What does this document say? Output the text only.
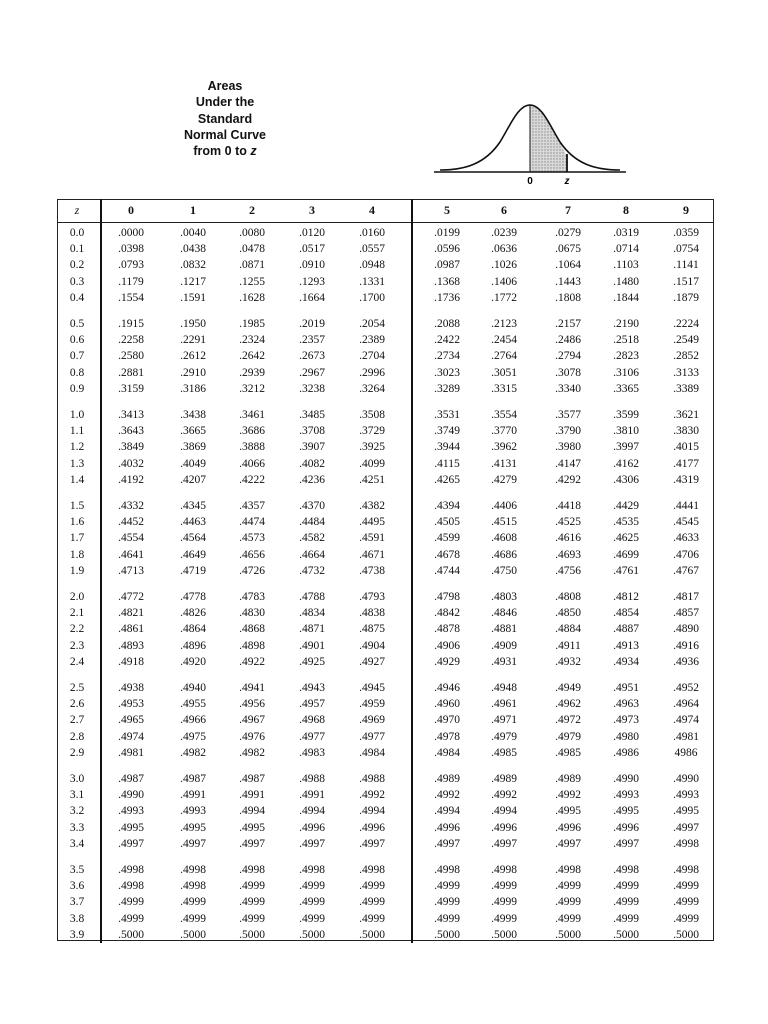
Areas
Under the
Standard
Normal Curve
from 0 to z
0	z
z	0	1	2	3	4	5	6	7	8	9
0.0	.0000	.0040	.0080	.0120	.0160	.0199	.0239	.0279	.0319	.0359
0.1	.0398	.0438	.0478	.0517	.0557	.0596	.0636	.0675	.0714	.0754
0.2	.0793	.0832	.0871	.0910	.0948	.0987	.1026	.1064	.1103	.1141
0.3	.1179	.1217	.1255	.1293	.1331	.1368	.1406	.1443	.1480	.1517
0.4	.1554	.1591	.1628	.1664	.1700	.1736	.1772	.1808	.1844	.1879
0.5	.1915	.1950	.1985	.2019	.2054	.2088	.2123	.2157	.2190	.2224
0.6	.2258	.2291	.2324	.2357	.2389	.2422	.2454	.2486	.2518	.2549
0.7	.2580	.2612	.2642	.2673	.2704	.2734	.2764	.2794	.2823	.2852
0.8	.2881	.2910	.2939	.2967	.2996	.3023	.3051	.3078	.3106	.3133
0.9	.3159	.3186	.3212	.3238	.3264	.3289	.3315	.3340	.3365	.3389
1.0	.3413	.3438	.3461	.3485	.3508	.3531	.3554	.3577	.3599	.3621
1.1	.3643	.3665	.3686	.3708	.3729	.3749	.3770	.3790	.3810	.3830
1.2	.3849	.3869	.3888	.3907	.3925	.3944	.3962	.3980	.3997	.4015
1.3	.4032	.4049	.4066	.4082	.4099	.4115	.4131	.4147	.4162	.4177
1.4	.4192	.4207	.4222	.4236	.4251	.4265	.4279	.4292	.4306	.4319
1.5	.4332	.4345	.4357	.4370	.4382	.4394	.4406	.4418	.4429	.4441
1.6	.4452	.4463	.4474	.4484	.4495	.4505	.4515	.4525	.4535	.4545
1.7	.4554	.4564	.4573	.4582	.4591	.4599	.4608	.4616	.4625	.4633
1.8	.4641	.4649	.4656	.4664	.4671	.4678	.4686	.4693	.4699	.4706
1.9	.4713	.4719	.4726	.4732	.4738	.4744	.4750	.4756	.4761	.4767
2.0	.4772	.4778	.4783	.4788	.4793	.4798	.4803	.4808	.4812	.4817
2.1	.4821	.4826	.4830	.4834	.4838	.4842	.4846	.4850	.4854	.4857
2.2	.4861	.4864	.4868	.4871	.4875	.4878	.4881	.4884	.4887	.4890
2.3	.4893	.4896	.4898	.4901	.4904	.4906	.4909	.4911	.4913	.4916
2.4	.4918	.4920	.4922	.4925	.4927	.4929	.4931	.4932	.4934	.4936
2.5	.4938	.4940	.4941	.4943	.4945	.4946	.4948	.4949	.4951	.4952
2.6	.4953	.4955	.4956	.4957	.4959	.4960	.4961	.4962	.4963	.4964
2.7	.4965	.4966	.4967	.4968	.4969	.4970	.4971	.4972	.4973	.4974
2.8	.4974	.4975	.4976	.4977	.4977	.4978	.4979	.4979	.4980	.4981
2.9	.4981	.4982	.4982	.4983	.4984	.4984	.4985	.4985	.4986	4986
3.0	.4987	.4987	.4987	.4988	.4988	.4989	.4989	.4989	.4990	.4990
3.1	.4990	.4991	.4991	.4991	.4992	.4992	.4992	.4992	.4993	.4993
3.2	.4993	.4993	.4994	.4994	.4994	.4994	.4994	.4995	.4995	.4995
3.3	.4995	.4995	.4995	.4996	.4996	.4996	.4996	.4996	.4996	.4997
3.4	.4997	.4997	.4997	.4997	.4997	.4997	.4997	.4997	.4997	.4998
3.5	.4998	.4998	.4998	.4998	.4998	.4998	.4998	.4998	.4998	.4998
3.6	.4998	.4998	.4999	.4999	.4999	.4999	.4999	.4999	.4999	.4999
3.7	.4999	.4999	.4999	.4999	.4999	.4999	.4999	.4999	.4999	.4999
3.8	.4999	.4999	.4999	.4999	.4999	.4999	.4999	.4999	.4999	.4999
3.9	.5000	.5000	.5000	.5000	.5000	.5000	.5000	.5000	.5000	.5000
